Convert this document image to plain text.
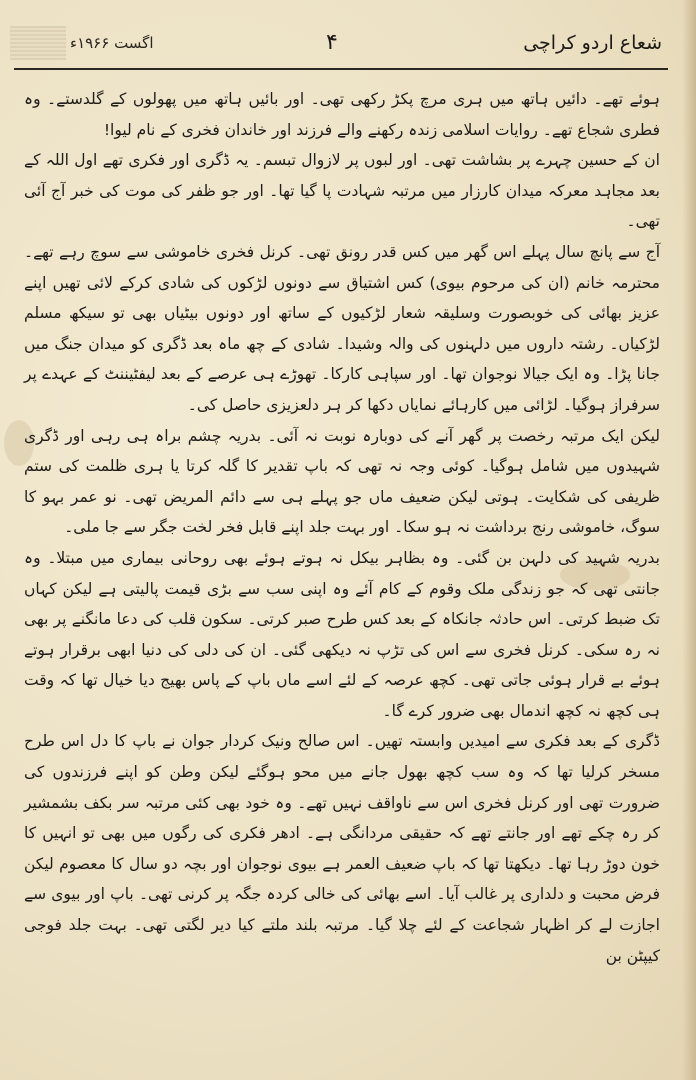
اگست ۱۹۶۶ء	۴	شعاع اردو کراچی

ہوئے تھے۔ دائیں ہاتھ میں ہری مرچ پکڑ رکھی تھی۔ اور بائیں ہاتھ میں پھولوں کے گلدستے۔ وہ فطری شجاع تھے۔ روایات اسلامی زندہ رکھنے والے فرزند اور خاندان فخری کے نام لیوا!

ان کے حسین چہرے پر بشاشت تھی۔ اور لبوں پر لازوال تبسم۔ یہ ڈگری اور فکری تھے اول اللہ کے بعد مجاہد معرکہ میدان کارزار میں مرتبہ شہادت پا گیا تھا۔ اور جو ظفر کی موت کی خبر آج آئی تھی۔

آج سے پانچ سال پہلے اس گھر میں کس قدر رونق تھی۔ کرنل فخری خاموشی سے سوچ رہے تھے۔ محترمہ خانم (ان کی مرحوم بیوی) کس اشتیاق سے دونوں لڑکوں کی شادی کرکے لائی تھیں اپنے عزیز بھائی کی خوبصورت وسلیقہ شعار لڑکیوں کے ساتھ اور دونوں بیٹیاں بھی تو سیکھ مسلم لڑکیاں۔ رشتہ داروں میں دلہنوں کی والہ وشیدا۔ شادی کے چھ ماہ بعد ڈگری کو میدان جنگ میں جانا پڑا۔ وہ ایک جیالا نوجوان تھا۔ اور سپاہی کارکا۔ تھوڑے ہی عرصے کے بعد لیفٹیننٹ کے عہدے پر سرفراز ہوگیا۔ لڑائی میں کارہائے نمایاں دکھا کر ہر دلعزیزی حاصل کی۔

لیکن ایک مرتبہ رخصت پر گھر آنے کی دوبارہ نوبت نہ آئی۔ بدریہ چشم براہ ہی رہی اور ڈگری شہیدوں میں شامل ہوگیا۔ کوئی وجہ نہ تھی کہ باپ تقدیر کا گلہ کرتا یا ہری ظلمت کی ستم ظریفی کی شکایت۔ ہوتی لیکن ضعیف ماں جو پہلے ہی سے دائم المریض تھی۔ نو عمر بہو کا سوگ، خاموشی رنج برداشت نہ ہو سکا۔ اور بہت جلد اپنے قابل فخر لخت جگر سے جا ملی۔

بدریہ شہید کی دلہن بن گئی۔ وہ بظاہر بیکل نہ ہوتے ہوئے بھی روحانی بیماری میں مبتلا۔ وہ جانتی تھی کہ جو زندگی ملک وقوم کے کام آئے وہ اپنی سب سے بڑی قیمت پالیتی ہے لیکن کہاں تک ضبط کرتی۔ اس حادثہ جانکاہ کے بعد کس طرح صبر کرتی۔ سکون قلب کی دعا مانگنے پر بھی نہ رہ سکی۔ کرنل فخری سے اس کی تڑپ نہ دیکھی گئی۔ ان کی دلی کی دنیا ابھی برقرار ہوتے ہوئے بے قرار ہوئی جاتی تھی۔ کچھ عرصہ کے لئے اسے ماں باپ کے پاس بھیج دیا خیال تھا کہ وقت ہی کچھ نہ کچھ اندمال بھی ضرور کرے گا۔

ڈگری کے بعد فکری سے امیدیں وابستہ تھیں۔ اس صالح ونیک کردار جوان نے باپ کا دل اس طرح مسخر کرلیا تھا کہ وہ سب کچھ بھول جانے میں محو ہوگئے لیکن وطن کو اپنے فرزندوں کی ضرورت تھی اور کرنل فخری اس سے ناواقف نہیں تھے۔ وہ خود بھی کئی مرتبہ سر بکف بشمشیر کر رہ چکے تھے اور جانتے تھے کہ حقیقی مردانگی ہے۔ ادھر فکری کی رگوں میں بھی تو انہیں کا خون دوڑ رہا تھا۔ دیکھتا تھا کہ باپ ضعیف العمر ہے بیوی نوجوان اور بچہ دو سال کا معصوم لیکن فرض محبت و دلداری پر غالب آیا۔ اسے بھائی کی خالی کردہ جگہ پر کرنی تھی۔ باپ اور بیوی سے اجازت لے کر اظہار شجاعت کے لئے چلا گیا۔ مرتبہ بلند ملتے کیا دیر لگتی تھی۔ بہت جلد فوجی کیپٹن بن
